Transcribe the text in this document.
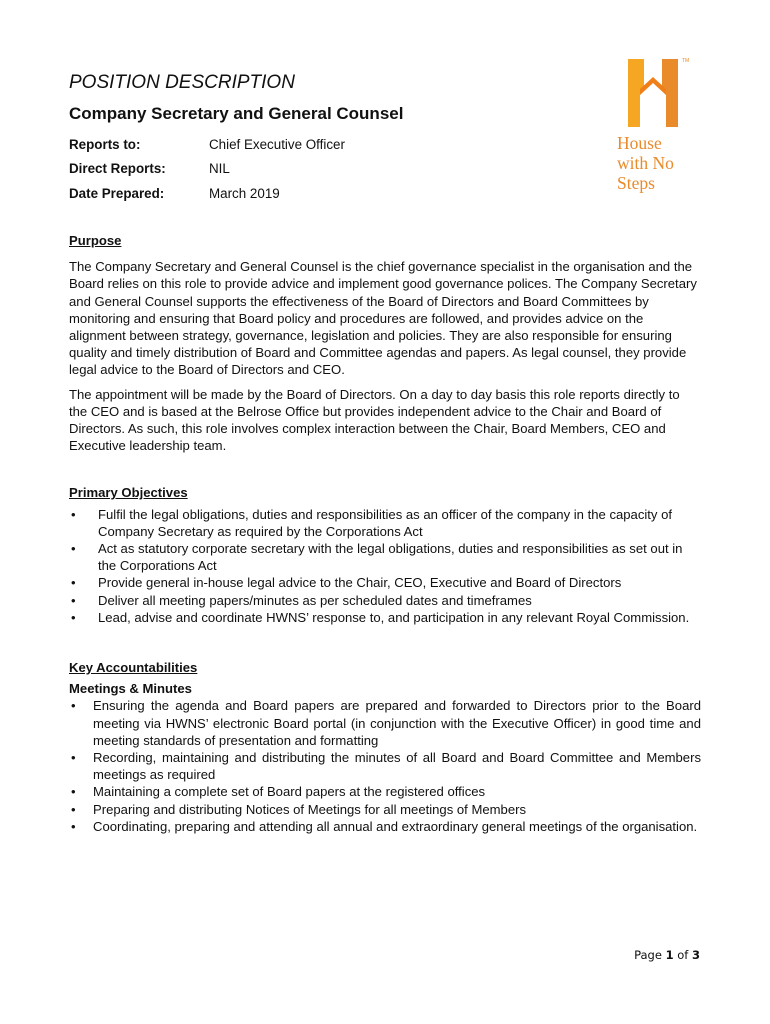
POSITION DESCRIPTION
Company Secretary and General Counsel
Reports to:	Chief Executive Officer
Direct Reports:	NIL
Date Prepared:	March 2019
TM
House
with No
Steps

Purpose

The Company Secretary and General Counsel is the chief governance specialist in the organisation and the Board relies on this role to provide advice and implement good governance polices. The Company Secretary and General Counsel supports the effectiveness of the Board of Directors and Board Committees by monitoring and ensuring that Board policy and procedures are followed, and provides advice on the alignment between strategy, governance, legislation and policies. They are also responsible for ensuring quality and timely distribution of Board and Committee agendas and papers. As legal counsel, they provide legal advice to the Board of Directors and CEO.

The appointment will be made by the Board of Directors. On a day to day basis this role reports directly to the CEO and is based at the Belrose Office but provides independent advice to the Chair and Board of Directors. As such, this role involves complex interaction between the Chair, Board Members, CEO and Executive leadership team.

Primary Objectives

• Fulfil the legal obligations, duties and responsibilities as an officer of the company in the capacity of Company Secretary as required by the Corporations Act
• Act as statutory corporate secretary with the legal obligations, duties and responsibilities as set out in the Corporations Act
• Provide general in-house legal advice to the Chair, CEO, Executive and Board of Directors
• Deliver all meeting papers/minutes as per scheduled dates and timeframes
• Lead, advise and coordinate HWNS’ response to, and participation in any relevant Royal Commission.

Key Accountabilities

Meetings & Minutes

• Ensuring the agenda and Board papers are prepared and forwarded to Directors prior to the Board meeting via HWNS’ electronic Board portal (in conjunction with the Executive Officer) in good time and meeting standards of presentation and formatting
• Recording, maintaining and distributing the minutes of all Board and Board Committee and Members meetings as required
• Maintaining a complete set of Board papers at the registered offices
• Preparing and distributing Notices of Meetings for all meetings of Members
• Coordinating, preparing and attending all annual and extraordinary general meetings of the organisation.
Page 1 of 3
